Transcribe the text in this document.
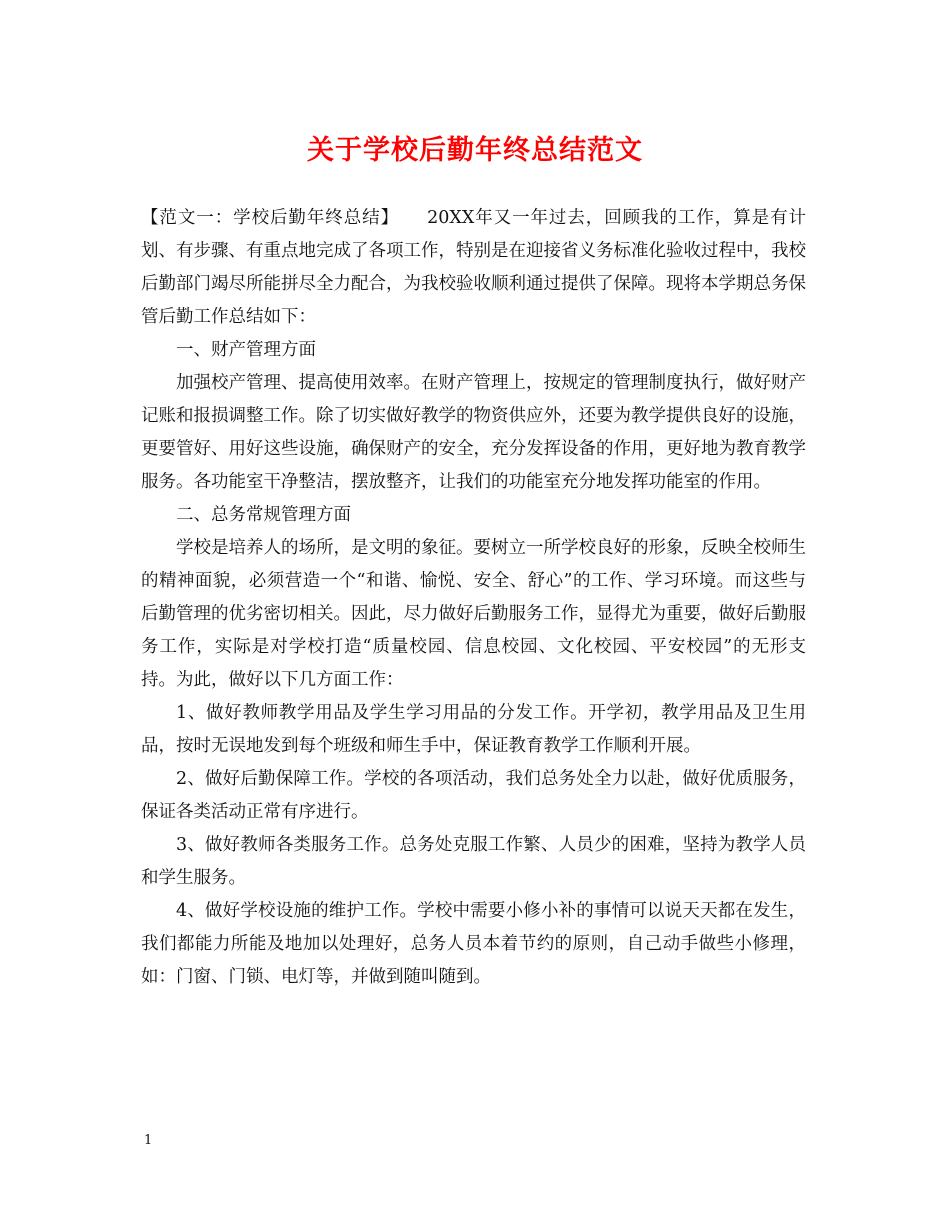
关于学校后勤年终总结范文

【范文一：学校后勤年终总结】　　20XX年又一年过去，回顾我的工作，算是有计划、有步骤、有重点地完成了各项工作，特别是在迎接省义务标准化验收过程中，我校后勤部门竭尽所能拼尽全力配合，为我校验收顺利通过提供了保障。现将本学期总务保管后勤工作总结如下：

一、财产管理方面

加强校产管理、提高使用效率。在财产管理上，按规定的管理制度执行，做好财产记账和报损调整工作。除了切实做好教学的物资供应外，还要为教学提供良好的设施，更要管好、用好这些设施，确保财产的安全，充分发挥设备的作用，更好地为教育教学服务。各功能室干净整洁，摆放整齐，让我们的功能室充分地发挥功能室的作用。

二、总务常规管理方面

学校是培养人的场所，是文明的象征。要树立一所学校良好的形象，反映全校师生的精神面貌，必须营造一个“和谐、愉悦、安全、舒心”的工作、学习环境。而这些与后勤管理的优劣密切相关。因此，尽力做好后勤服务工作，显得尤为重要，做好后勤服务工作，实际是对学校打造“质量校园、信息校园、文化校园、平安校园”的无形支持。为此，做好以下几方面工作：

1、做好教师教学用品及学生学习用品的分发工作。开学初，教学用品及卫生用品，按时无误地发到每个班级和师生手中，保证教育教学工作顺利开展。

2、做好后勤保障工作。学校的各项活动，我们总务处全力以赴，做好优质服务，保证各类活动正常有序进行。

3、做好教师各类服务工作。总务处克服工作繁、人员少的困难，坚持为教学人员和学生服务。

4、做好学校设施的维护工作。学校中需要小修小补的事情可以说天天都在发生，我们都能力所能及地加以处理好，总务人员本着节约的原则，自己动手做些小修理，如：门窗、门锁、电灯等，并做到随叫随到。

1
